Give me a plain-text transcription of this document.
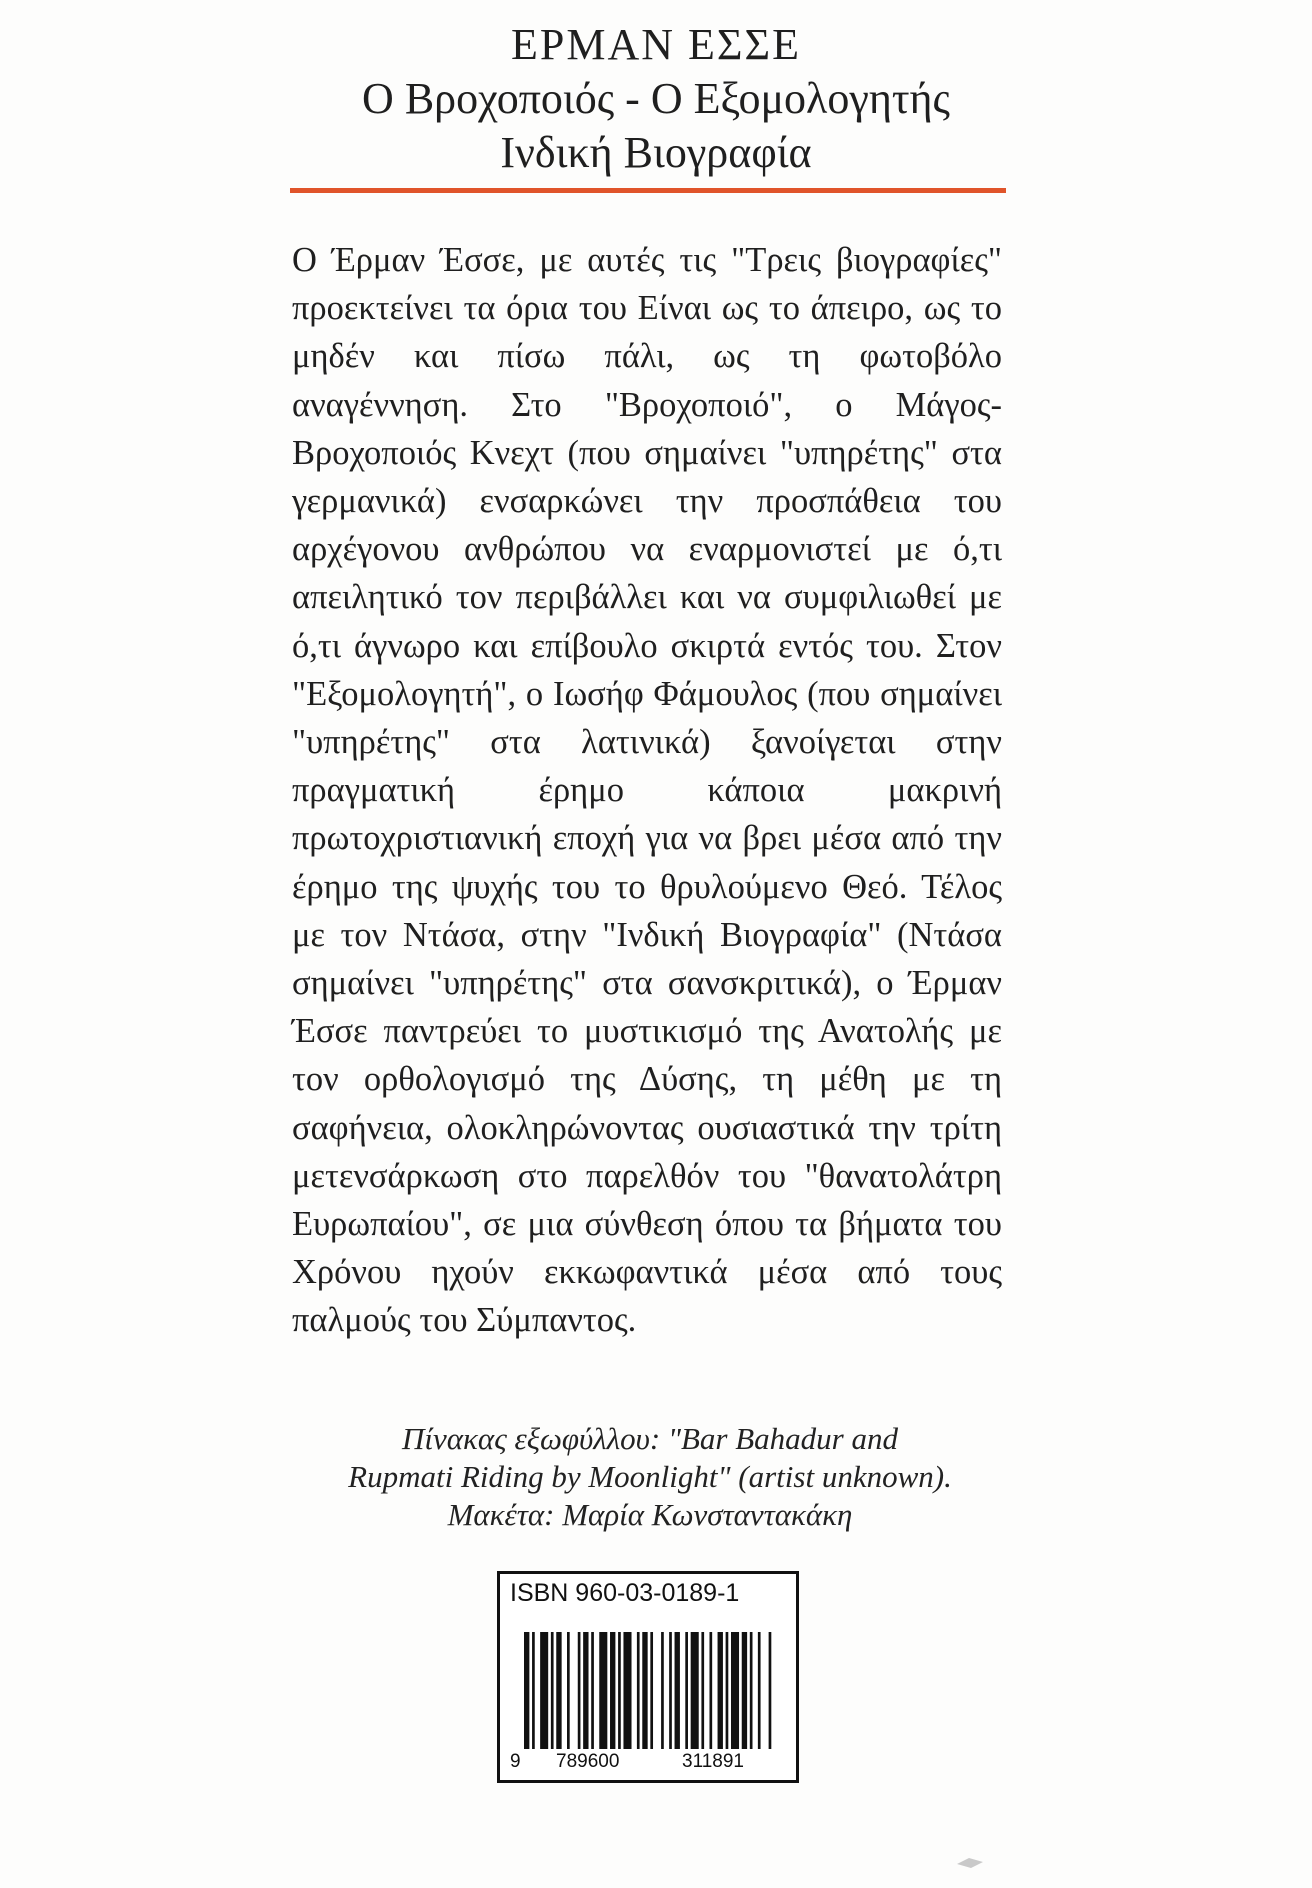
ΕΡΜΑΝ ΕΣΣΕ
Ο Βροχοποιός - Ο Εξομολογητής
Ινδική Βιογραφία
Ο Έρμαν Έσσε, με αυτές τις "Τρεις βιογραφίες" προεκτείνει τα όρια του Είναι ως το άπειρο, ως το μηδέν και πίσω πάλι, ως τη φωτοβόλο αναγέννηση. Στο "Βροχοποιό", ο Μάγος-Βροχοποιός Κνεχτ (που σημαίνει "υπηρέτης" στα γερμανικά) ενσαρκώνει την προσπάθεια του αρχέγονου ανθρώπου να εναρμονιστεί με ό,τι απειλητικό τον περιβάλλει και να συμφιλιωθεί με ό,τι άγνωρο και επίβουλο σκιρτά εντός του. Στον "Εξομολογητή", ο Ιωσήφ Φάμουλος (που σημαίνει "υπηρέτης" στα λατινικά) ξανοίγεται στην πραγματική έρημο κάποια μακρινή πρωτοχριστιανική εποχή για να βρει μέσα από την έρημο της ψυχής του το θρυλούμενο Θεό. Τέλος με τον Ντάσα, στην "Ινδική Βιογραφία" (Ντάσα σημαίνει "υπηρέτης" στα σανσκριτικά), ο Έρμαν Έσσε παντρεύει το μυστικισμό της Ανατολής με τον ορθολογισμό της Δύσης, τη μέθη με τη σαφήνεια, ολοκληρώνοντας ουσιαστικά την τρίτη μετενσάρκωση στο παρελθόν του "θανατολάτρη Ευρωπαίου", σε μια σύνθεση όπου τα βήματα του Χρόνου ηχούν εκκωφαντικά μέσα από τους παλμούς του Σύμπαντος.
Πίνακας εξωφύλλου: "Bar Bahadur and
Rupmati Riding by Moonlight" (artist unknown).
Μακέτα: Μαρία Κωνσταντακάκη
ISBN 960-03-0189-1
9 789600	311891
